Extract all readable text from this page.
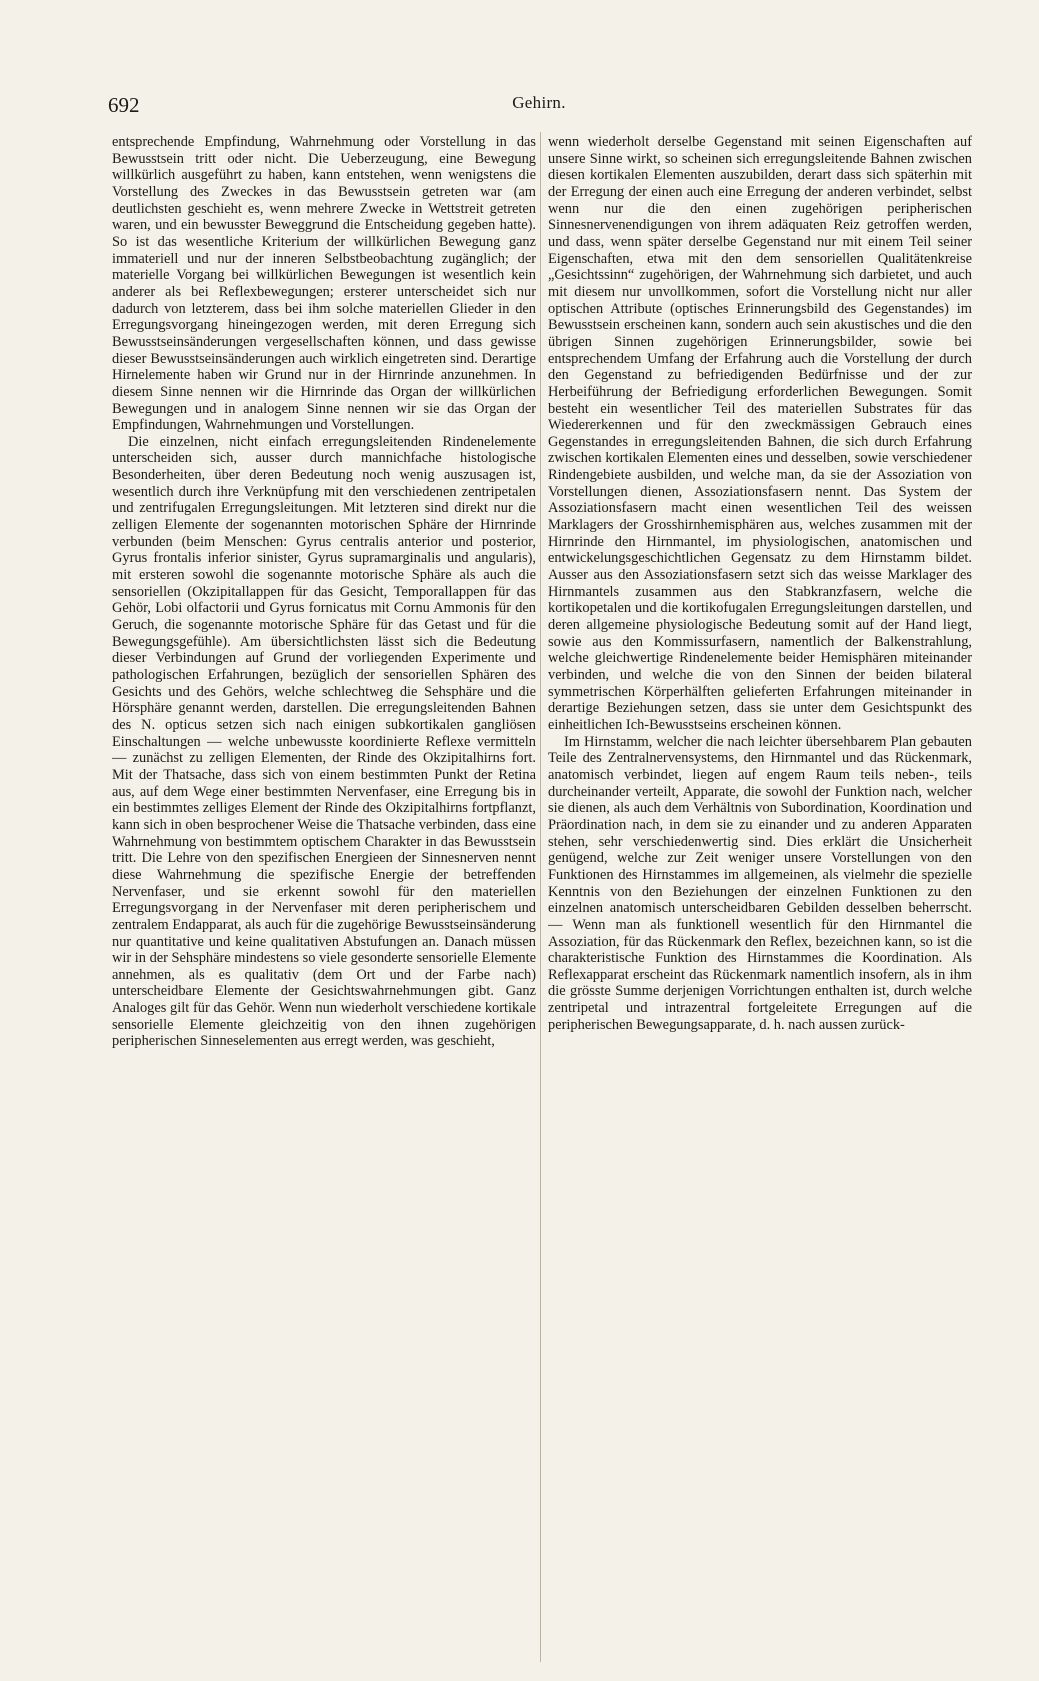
692	Gehirn.

entsprechende Empfindung, Wahrnehmung oder Vorstellung in das Bewusstsein tritt oder nicht. Die Ueberzeugung, eine Bewegung willkürlich ausgeführt zu haben, kann entstehen, wenn wenigstens die Vorstellung des Zweckes in das Bewusstsein getreten war (am deutlichsten geschieht es, wenn mehrere Zwecke in Wettstreit getreten waren, und ein bewusster Beweggrund die Entscheidung gegeben hatte). So ist das wesentliche Kriterium der willkürlichen Bewegung ganz immateriell und nur der inneren Selbstbeobachtung zugänglich; der materielle Vorgang bei willkürlichen Bewegungen ist wesentlich kein anderer als bei Reflexbewegungen; ersterer unterscheidet sich nur dadurch von letzterem, dass bei ihm solche materiellen Glieder in den Erregungsvorgang hineingezogen werden, mit deren Erregung sich Bewusstseinsänderungen vergesellschaften können, und dass gewisse dieser Bewusstseinsänderungen auch wirklich eingetreten sind. Derartige Hirnelemente haben wir Grund nur in der Hirnrinde anzunehmen. In diesem Sinne nennen wir die Hirnrinde das Organ der willkürlichen Bewegungen und in analogem Sinne nennen wir sie das Organ der Empfindungen, Wahrnehmungen und Vorstellungen.

Die einzelnen, nicht einfach erregungsleitenden Rindenelemente unterscheiden sich, ausser durch mannichfache histologische Besonderheiten, über deren Bedeutung noch wenig auszusagen ist, wesentlich durch ihre Verknüpfung mit den verschiedenen zentripetalen und zentrifugalen Erregungsleitungen. Mit letzteren sind direkt nur die zelligen Elemente der sogenannten motorischen Sphäre der Hirnrinde verbunden (beim Menschen: Gyrus centralis anterior und posterior, Gyrus frontalis inferior sinister, Gyrus supramarginalis und angularis), mit ersteren sowohl die sogenannte motorische Sphäre als auch die sensoriellen (Okzipitallappen für das Gesicht, Temporallappen für das Gehör, Lobi olfactorii und Gyrus fornicatus mit Cornu Ammonis für den Geruch, die sogenannte motorische Sphäre für das Getast und für die Bewegungsgefühle). Am übersichtlichsten lässt sich die Bedeutung dieser Verbindungen auf Grund der vorliegenden Experimente und pathologischen Erfahrungen, bezüglich der sensoriellen Sphären des Gesichts und des Gehörs, welche schlechtweg die Sehsphäre und die Hörsphäre genannt werden, darstellen. Die erregungsleitenden Bahnen des N. opticus setzen sich nach einigen subkortikalen gangliösen Einschaltungen — welche unbewusste koordinierte Reflexe vermitteln — zunächst zu zelligen Elementen, der Rinde des Okzipitalhirns fort. Mit der Thatsache, dass sich von einem bestimmten Punkt der Retina aus, auf dem Wege einer bestimmten Nervenfaser, eine Erregung bis in ein bestimmtes zelliges Element der Rinde des Okzipitalhirns fortpflanzt, kann sich in oben besprochener Weise die Thatsache verbinden, dass eine Wahrnehmung von bestimmtem optischem Charakter in das Bewusstsein tritt. Die Lehre von den spezifischen Energieen der Sinnesnerven nennt diese Wahrnehmung die spezifische Energie der betreffenden Nervenfaser, und sie erkennt sowohl für den materiellen Erregungsvorgang in der Nervenfaser mit deren peripherischem und zentralem Endapparat, als auch für die zugehörige Bewusstseinsänderung nur quantitative und keine qualitativen Abstufungen an. Danach müssen wir in der Sehsphäre mindestens so viele gesonderte sensorielle Elemente annehmen, als es qualitativ (dem Ort und der Farbe nach) unterscheidbare Elemente der Gesichtswahrnehmungen gibt. Ganz Analoges gilt für das Gehör. Wenn nun wiederholt verschiedene kortikale sensorielle Elemente gleichzeitig von den ihnen zugehörigen peripherischen Sinneselementen aus erregt werden, was geschieht,

wenn wiederholt derselbe Gegenstand mit seinen Eigenschaften auf unsere Sinne wirkt, so scheinen sich erregungsleitende Bahnen zwischen diesen kortikalen Elementen auszubilden, derart dass sich späterhin mit der Erregung der einen auch eine Erregung der anderen verbindet, selbst wenn nur die den einen zugehörigen peripherischen Sinnesnervenendigungen von ihrem adäquaten Reiz getroffen werden, und dass, wenn später derselbe Gegenstand nur mit einem Teil seiner Eigenschaften, etwa mit den dem sensoriellen Qualitätenkreise „Gesichtssinn“ zugehörigen, der Wahrnehmung sich darbietet, und auch mit diesem nur unvollkommen, sofort die Vorstellung nicht nur aller optischen Attribute (optisches Erinnerungsbild des Gegenstandes) im Bewusstsein erscheinen kann, sondern auch sein akustisches und die den übrigen Sinnen zugehörigen Erinnerungsbilder, sowie bei entsprechendem Umfang der Erfahrung auch die Vorstellung der durch den Gegenstand zu befriedigenden Bedürfnisse und der zur Herbeiführung der Befriedigung erforderlichen Bewegungen. Somit besteht ein wesentlicher Teil des materiellen Substrates für das Wiedererkennen und für den zweckmässigen Gebrauch eines Gegenstandes in erregungsleitenden Bahnen, die sich durch Erfahrung zwischen kortikalen Elementen eines und desselben, sowie verschiedener Rindengebiete ausbilden, und welche man, da sie der Assoziation von Vorstellungen dienen, Assoziationsfasern nennt. Das System der Assoziationsfasern macht einen wesentlichen Teil des weissen Marklagers der Grosshirnhemisphären aus, welches zusammen mit der Hirnrinde den Hirnmantel, im physiologischen, anatomischen und entwickelungsgeschichtlichen Gegensatz zu dem Hirnstamm bildet. Ausser aus den Assoziationsfasern setzt sich das weisse Marklager des Hirnmantels zusammen aus den Stabkranzfasern, welche die kortikopetalen und die kortikofugalen Erregungsleitungen darstellen, und deren allgemeine physiologische Bedeutung somit auf der Hand liegt, sowie aus den Kommissurfasern, namentlich der Balkenstrahlung, welche gleichwertige Rindenelemente beider Hemisphären miteinander verbinden, und welche die von den Sinnen der beiden bilateral symmetrischen Körperhälften gelieferten Erfahrungen miteinander in derartige Beziehungen setzen, dass sie unter dem Gesichtspunkt des einheitlichen Ich-Bewusstseins erscheinen können.

Im Hirnstamm, welcher die nach leichter übersehbarem Plan gebauten Teile des Zentralnervensystems, den Hirnmantel und das Rückenmark, anatomisch verbindet, liegen auf engem Raum teils neben-, teils durcheinander verteilt, Apparate, die sowohl der Funktion nach, welcher sie dienen, als auch dem Verhältnis von Subordination, Koordination und Präordination nach, in dem sie zu einander und zu anderen Apparaten stehen, sehr verschiedenwertig sind. Dies erklärt die Unsicherheit genügend, welche zur Zeit weniger unsere Vorstellungen von den Funktionen des Hirnstammes im allgemeinen, als vielmehr die spezielle Kenntnis von den Beziehungen der einzelnen Funktionen zu den einzelnen anatomisch unterscheidbaren Gebilden desselben beherrscht. — Wenn man als funktionell wesentlich für den Hirnmantel die Assoziation, für das Rückenmark den Reflex, bezeichnen kann, so ist die charakteristische Funktion des Hirnstammes die Koordination. Als Reflexapparat erscheint das Rückenmark namentlich insofern, als in ihm die grösste Summe derjenigen Vorrichtungen enthalten ist, durch welche zentripetal und intrazentral fortgeleitete Erregungen auf die peripherischen Bewegungsapparate, d. h. nach aussen zurück-
